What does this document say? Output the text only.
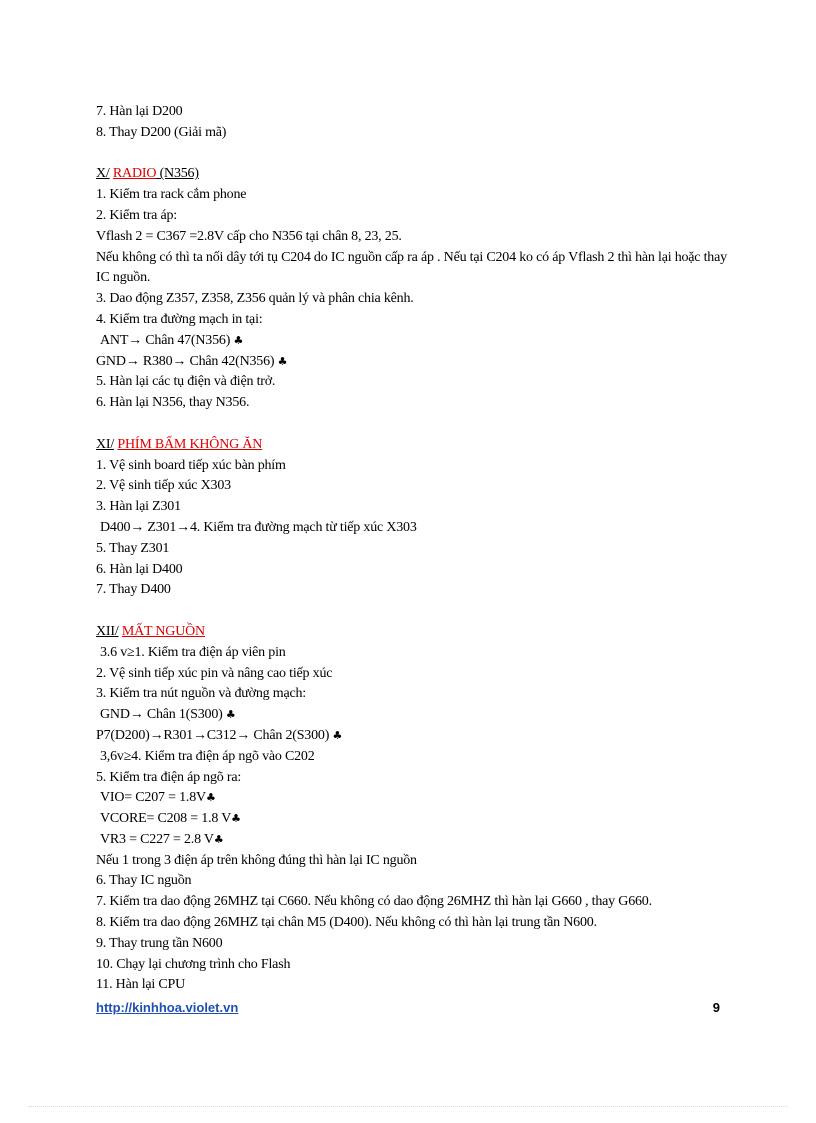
7. Hàn lại D200
8. Thay D200 (Giải mã)
X/ RADIO (N356)
1. Kiểm tra rack cắm phone
2. Kiểm tra áp:
Vflash 2 = C367 =2.8V cấp cho N356 tại chân 8, 23, 25.
Nếu không có thì ta nối dây tới tụ C204 do IC nguồn cấp ra áp . Nếu tại C204 ko có áp Vflash 2 thì hàn lại hoặc thay IC nguồn.
3. Dao động Z357, Z358, Z356 quản lý và phân chia kênh.
4. Kiểm tra đường mạch in tại:
ANT→ Chân 47(N356) ♣
GND→ R380→ Chân 42(N356) ♣
5. Hàn lại các tụ điện và điện trở.
6. Hàn lại N356, thay N356.
XI/ PHÍM BẤM KHÔNG ĂN
1. Vệ sinh board tiếp xúc bàn phím
2. Vệ sinh tiếp xúc X303
3. Hàn lại Z301
D400→ Z301→4. Kiểm tra đường mạch từ tiếp xúc X303
5. Thay Z301
6. Hàn lại D400
7. Thay D400
XII/ MẤT NGUỒN
3.6 v≥1. Kiểm tra điện áp viên pin
2. Vệ sinh tiếp xúc pin và nâng cao tiếp xúc
3. Kiểm tra nút nguồn và đường mạch:
GND→ Chân 1(S300) ♣
P7(D200)→R301→C312→ Chân 2(S300) ♣
3,6v≥4. Kiểm tra điện áp ngõ vào C202
5. Kiểm tra điện áp ngõ ra:
VIO= C207 = 1.8V♣
VCORE= C208 = 1.8 V♣
VR3 = C227 = 2.8 V♣
Nếu 1 trong 3 điện áp trên không đúng thì hàn lại IC nguồn
6. Thay IC nguồn
7. Kiểm tra dao động 26MHZ tại C660. Nếu không có dao động 26MHZ thì hàn lại G660 , thay G660.
8. Kiểm tra dao động 26MHZ tại chân M5 (D400). Nếu không có thì hàn lại trung tần N600.
9. Thay trung tần N600
10. Chạy lại chương trình cho Flash
11. Hàn lại CPU
http://kinhhoa.violet.vn	9
